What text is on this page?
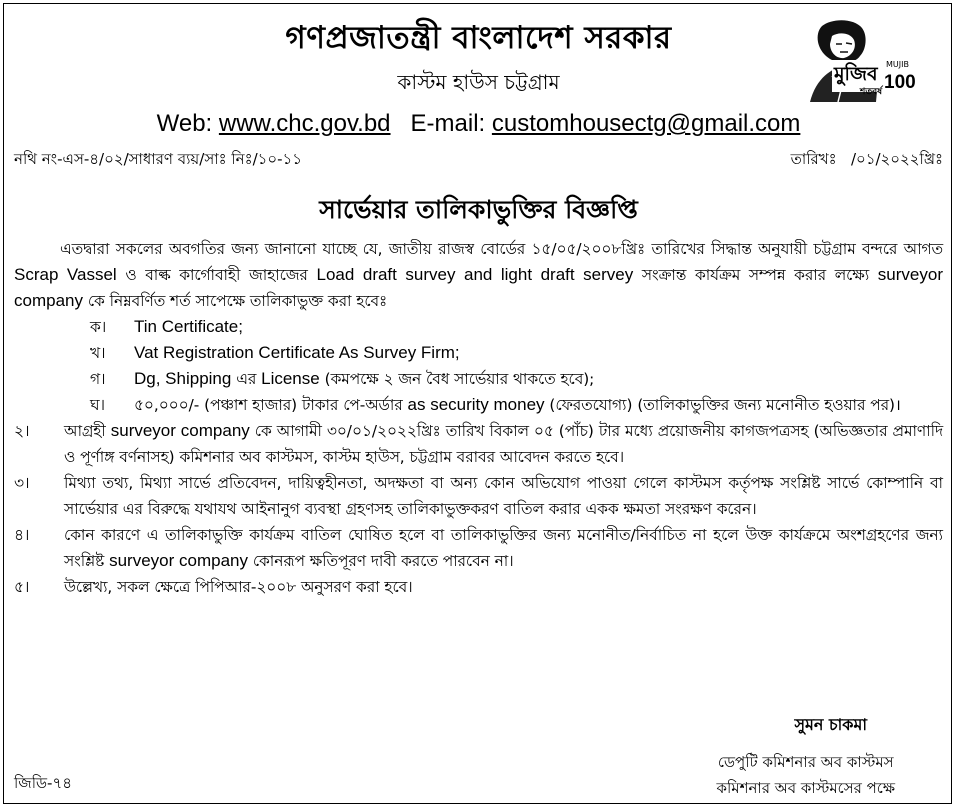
গণপ্রজাতন্ত্রী বাংলাদেশ সরকার
মুজিব MUJIB
শতবর্ষ 100
কাস্টম হাউস চট্টগ্রাম
Web: www.chc.gov.bd E-mail: customhousectg@gmail.com
নথি নং-এস-৪/০২/সাধারণ ব্যয়/সাঃ নিঃ/১০-১১	তারিখঃ /০১/২০২২খ্রিঃ
সার্ভেয়ার তালিকাভুক্তির বিজ্ঞপ্তি

এতদ্বারা সকলের অবগতির জন্য জানানো যাচ্ছে যে, জাতীয় রাজস্ব বোর্ডের ১৫/০৫/২০০৮খ্রিঃ তারিখের সিদ্ধান্ত অনুযায়ী চট্টগ্রাম বন্দরে আগত Scrap Vassel ও বাল্ক কার্গোবাহী জাহাজের Load draft survey and light draft servey সংক্রান্ত কার্যক্রম সম্পন্ন করার লক্ষ্যে surveyor company কে নিম্নবর্ণিত শর্ত সাপেক্ষে তালিকাভুক্ত করা হবেঃ

ক। Tin Certificate;

খ। Vat Registration Certificate As Survey Firm;

গ। Dg, Shipping এর License (কমপক্ষে ২ জন বৈধ সার্ভেয়ার থাকতে হবে);

ঘ। ৫০,০০০/- (পঞ্চাশ হাজার) টাকার পে-অর্ডার as security money (ফেরতযোগ্য) (তালিকাভুক্তির জন্য মনোনীত হওয়ার পর)।

২। আগ্রহী surveyor company কে আগামী ৩০/০১/২০২২খ্রিঃ তারিখ বিকাল ০৫ (পাঁচ) টার মধ্যে প্রয়োজনীয় কাগজপত্রসহ (অভিজ্ঞতার প্রমাণাদি ও পূর্ণাঙ্গ বর্ণনাসহ) কমিশনার অব কাস্টমস, কাস্টম হাউস, চট্টগ্রাম বরাবর আবেদন করতে হবে।

৩। মিথ্যা তথ্য, মিথ্যা সার্ভে প্রতিবেদন, দায়িত্বহীনতা, অদক্ষতা বা অন্য কোন অভিযোগ পাওয়া গেলে কাস্টমস কর্তৃপক্ষ সংশ্লিষ্ট সার্ভে কোম্পানি বা সার্ভেয়ার এর বিরুদ্ধে যথাযথ আইনানুগ ব্যবস্থা গ্রহণসহ তালিকাভুক্তকরণ বাতিল করার একক ক্ষমতা সংরক্ষণ করেন।

৪। কোন কারণে এ তালিকাভুক্তি কার্যক্রম বাতিল ঘোষিত হলে বা তালিকাভুক্তির জন্য মনোনীত/নির্বাচিত না হলে উক্ত কার্যক্রমে অংশগ্রহণের জন্য সংশ্লিষ্ট surveyor company কোনরূপ ক্ষতিপূরণ দাবী করতে পারবেন না।

৫। উল্লেখ্য, সকল ক্ষেত্রে পিপিআর-২০০৮ অনুসরণ করা হবে।

সুমন চাকমা
ডেপুটি কমিশনার অব কাস্টমস
কমিশনার অব কাস্টমসের পক্ষে
জিডি-৭৪
